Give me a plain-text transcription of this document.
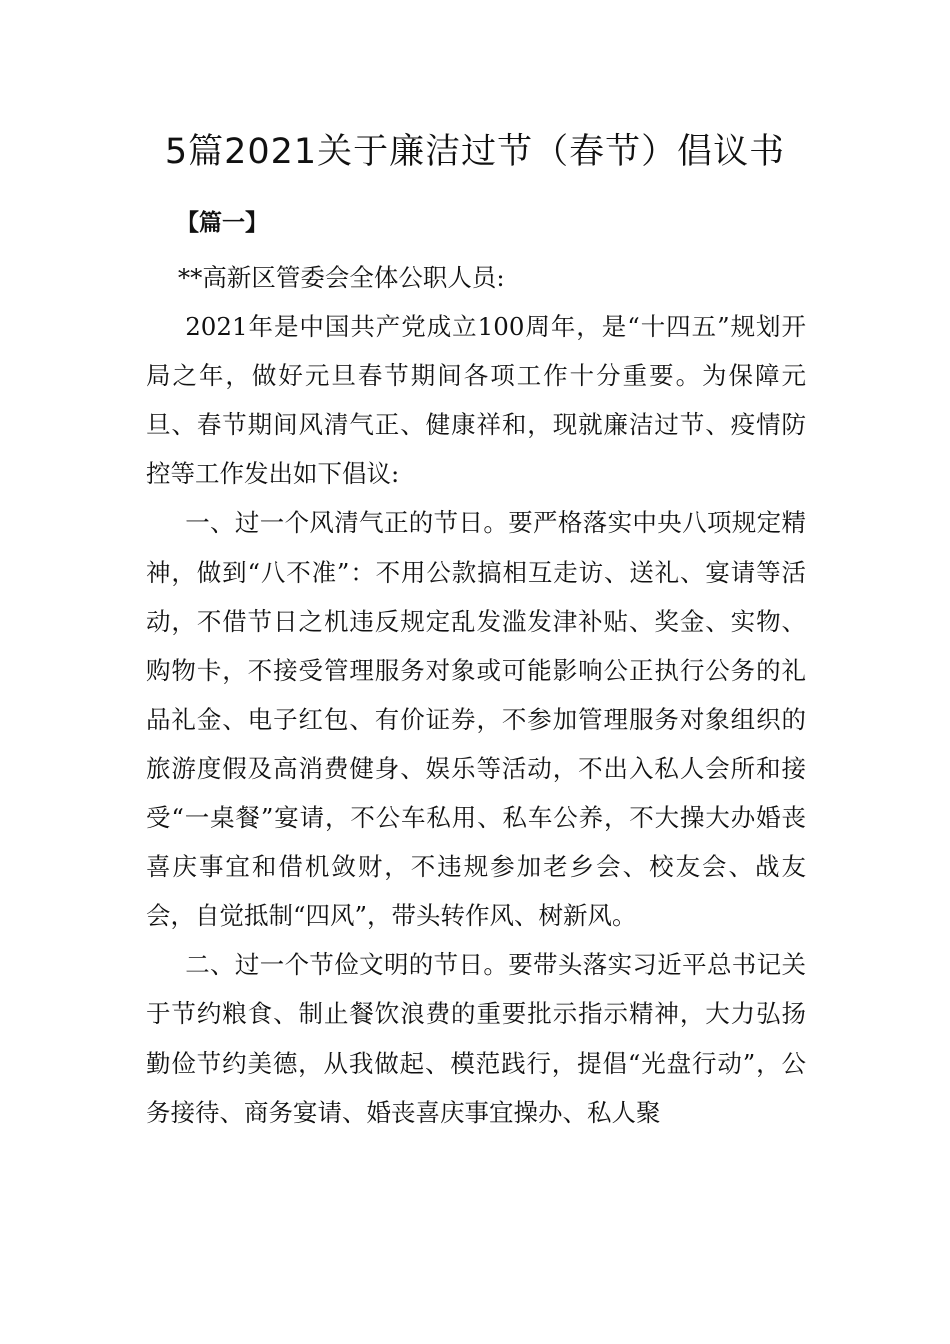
5篇2021关于廉洁过节（春节）倡议书
【篇一】

**高新区管委会全体公职人员:

2021年是中国共产党成立100周年，是“十四五”规划开局之年，做好元旦春节期间各项工作十分重要。为保障元旦、春节期间风清气正、健康祥和，现就廉洁过节、疫情防控等工作发出如下倡议:

一、过一个风清气正的节日。要严格落实中央八项规定精神，做到“八不准”：不用公款搞相互走访、送礼、宴请等活动，不借节日之机违反规定乱发滥发津补贴、奖金、实物、购物卡，不接受管理服务对象或可能影响公正执行公务的礼品礼金、电子红包、有价证券，不参加管理服务对象组织的旅游度假及高消费健身、娱乐等活动，不出入私人会所和接受“一桌餐”宴请，不公车私用、私车公养，不大操大办婚丧喜庆事宜和借机敛财，不违规参加老乡会、校友会、战友会，自觉抵制“四风”，带头转作风、树新风。

二、过一个节俭文明的节日。要带头落实习近平总书记关于节约粮食、制止餐饮浪费的重要批示指示精神，大力弘扬勤俭节约美德，从我做起、模范践行，提倡“光盘行动”，公务接待、商务宴请、婚丧喜庆事宜操办、私人聚
